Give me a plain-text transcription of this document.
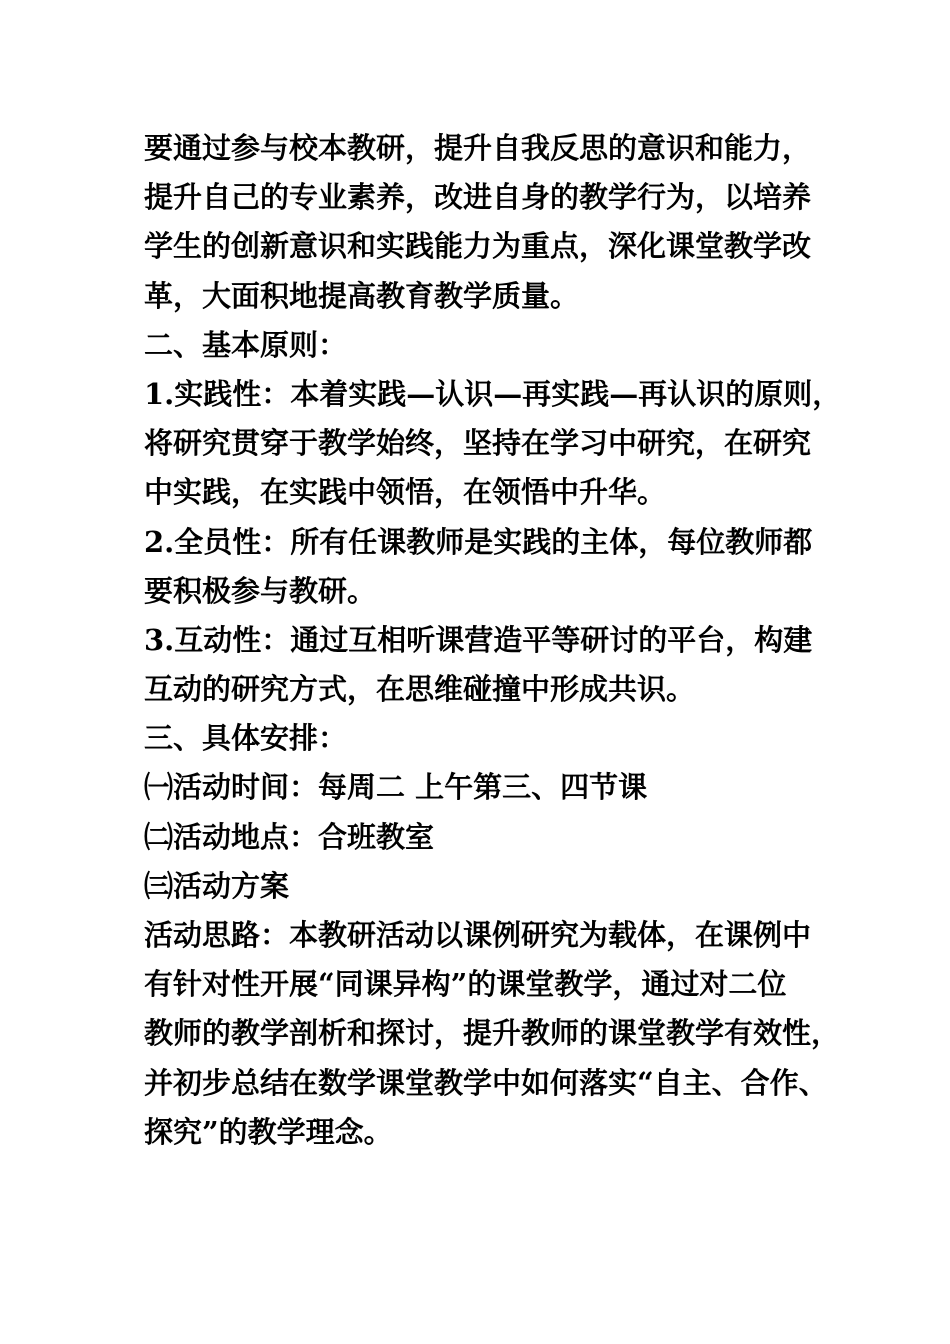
要通过参与校本教研，提升自我反思的意识和能力，
提升自己的专业素养，改进自身的教学行为，以培养
学生的创新意识和实践能力为重点，深化课堂教学改
革，大面积地提高教育教学质量。
二、基本原则：
1.实践性：本着实践—认识—再实践—再认识的原则，
将研究贯穿于教学始终，坚持在学习中研究，在研究
中实践，在实践中领悟，在领悟中升华。
2.全员性：所有任课教师是实践的主体，每位教师都
要积极参与教研。
3.互动性：通过互相听课营造平等研讨的平台，构建
互动的研究方式，在思维碰撞中形成共识。
三、具体安排：
㈠活动时间：每周二 上午第三、四节课
㈡活动地点：合班教室
㈢活动方案
活动思路：本教研活动以课例研究为载体，在课例中
有针对性开展“同课异构”的课堂教学，通过对二位
教师的教学剖析和探讨，提升教师的课堂教学有效性，
并初步总结在数学课堂教学中如何落实“自主、合作、
探究”的教学理念。
